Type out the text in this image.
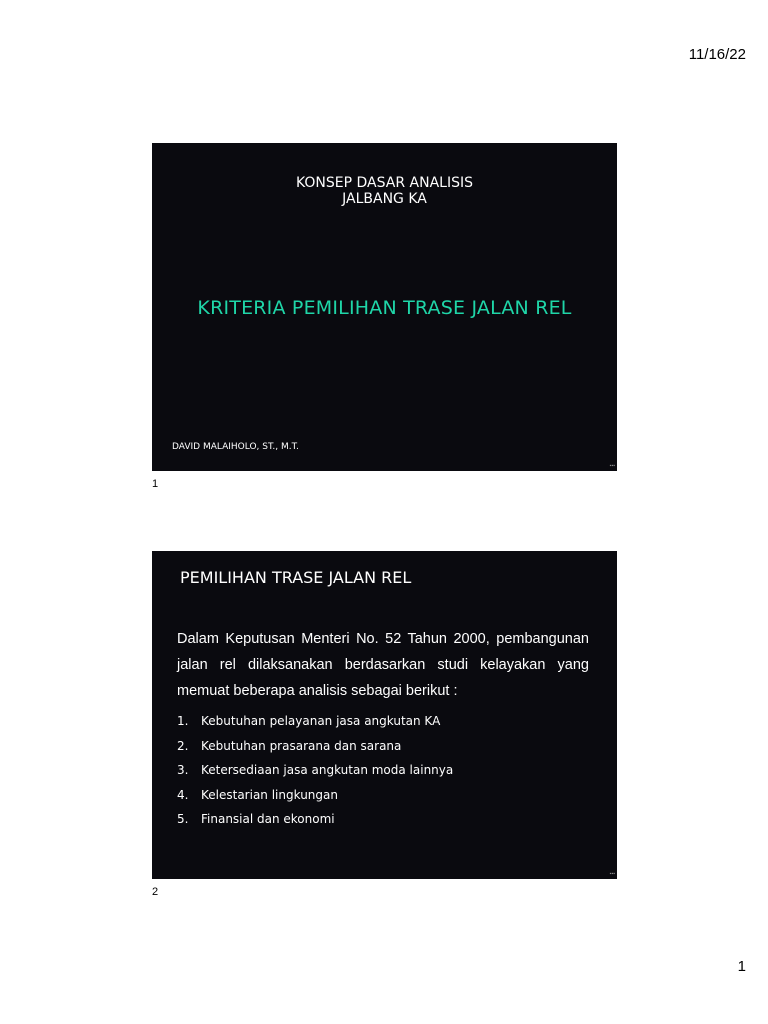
11/16/22
KONSEP DASAR ANALISIS
JALBANG KA
KRITERIA PEMILIHAN TRASE JALAN REL
DAVID MALAIHOLO, ST., M.T.
▪▪▪
1
PEMILIHAN TRASE JALAN REL
Dalam Keputusan Menteri No. 52 Tahun 2000, pembangunan jalan rel dilaksanakan berdasarkan studi kelayakan yang memuat beberapa analisis sebagai berikut :
1.	Kebutuhan pelayanan jasa angkutan KA
2.	Kebutuhan prasarana dan sarana
3.	Ketersediaan jasa angkutan moda lainnya
4.	Kelestarian lingkungan
5.	Finansial dan ekonomi
▪▪▪
2
1
